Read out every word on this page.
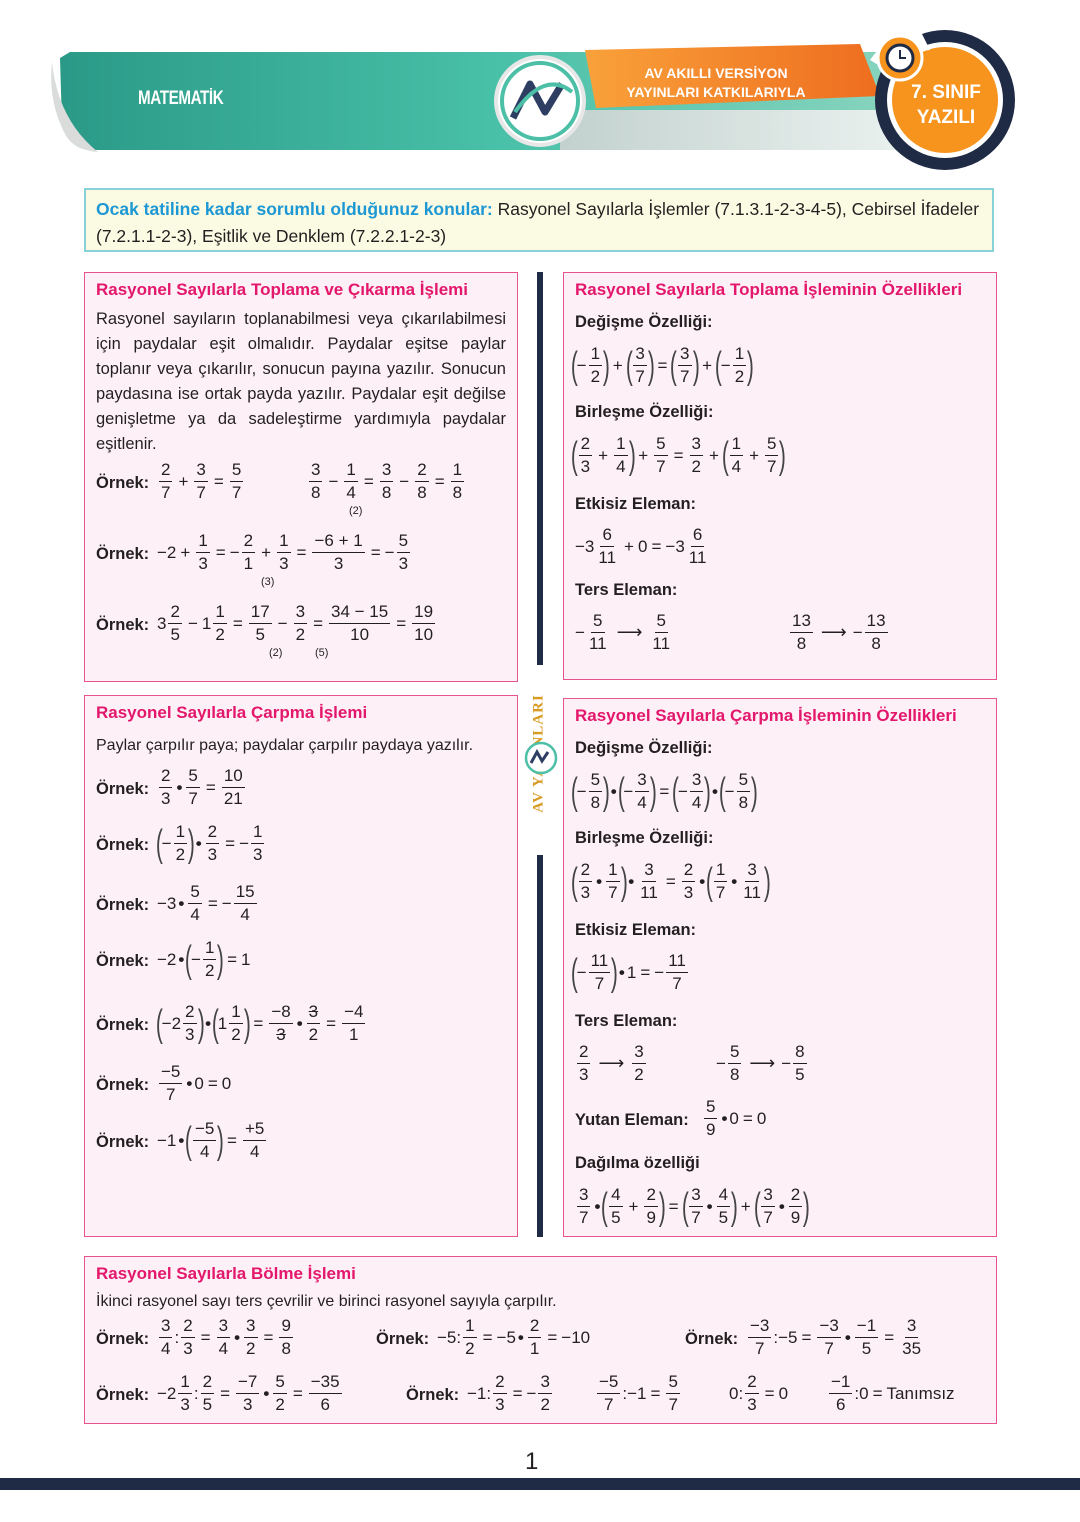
MATEMATİK
AV AKILLI VERSİYON
YAYINLARI KATKILARIYLA	7. SINIF
YAZILI
Ocak tatiline kadar sorumlu olduğunuz konular: Rasyonel Sayılarla İşlemler (7.1.3.1-2-3-4-5), Cebirsel İfadeler (7.2.1.1-2-3), Eşitlik ve Denklem (7.2.2.1-2-3)
Rasyonel Sayılarla Toplama ve Çıkarma İşlemi
Rasyonel sayıların toplanabilmesi veya çıkarılabilmesi için paydalar eşit olmalıdır. Paydalar eşitse paylar toplanır veya çıkarılır, sonucun payına yazılır. Sonucun paydasına ise ortak payda yazılır. Paydalar eşit değilse genişletme ya da sadeleştirme yardımıyla paydalar eşitlenir.
Örnek:
2
7
+ $\frac{3}{7} = \frac{5}{7}$	3
8
− $\frac{1}{4} = \frac{3}{8} - \frac{2}{8} = \frac{1}{8}$
(2)
Örnek: $-2 + \frac{1}{3}$ = − $\frac{2}{1} + \frac{1}{3} = \frac{-6 + 1}{3}$ = − $\frac{5}{3}$
(3)
Örnek: 3
2
5
− $1 \frac{1}{2} = \frac{17}{5} - \frac{3}{2} = \frac{34 - 15}{10} = \frac{19}{10}$
(2)	(5)
Rasyonel Sayılarla Toplama İşleminin Özellikleri
Değişme Özelliği:
(
− $\frac{1}{2}$ ) + ( 3
7 ) = ( 3
7 ) + (
− $\frac{1}{2}$ )
Birleşme Özelliği:
( 2
3
+ $\frac{1}{4}$ ) + $\frac{5}{7} = \frac{3}{2}$ + ( 1
4
+ $\frac{5}{7}$ )
Etkisiz Eleman:
−3
6
11
+ 0 = −3
6
11
Ters Eleman:
− $\frac{5}{11}$ ⟶
5
11
13
8
⟶ − $\frac{13}{8}$
Rasyonel Sayılarla Çarpma İşlemi
Paylar çarpılır paya; paydalar çarpılır paydaya yazılır.
Örnek:
2
3
• $\frac{5}{7} = \frac{10}{21}$
Örnek: (
− $\frac{1}{2}$ ) • $\frac{2}{3}$ = − $\frac{1}{3}$
Örnek: −3 • $\frac{5}{4}$ = − $\frac{15}{4}$
Örnek: −2 • (
− $\frac{1}{2}$ ) = 1
Örnek: (
−2
2
3 ) • (
1
1
2 ) = $\frac{-8}{3}$ • $\frac{3}{2} = \frac{-4}{1}$
Örnek:
−5
7
• 0 = 0
Örnek: −1 • ( −5
4 ) = $\frac{+5}{4}$
Rasyonel Sayılarla Çarpma İşleminin Özellikleri
Değişme Özelliği:
(
− $\frac{5}{8}$ ) • (
− $\frac{3}{4}$ ) = (
− $\frac{3}{4}$ ) • (
− $\frac{5}{8}$ )
Birleşme Özelliği:
( 2
3
•
1
7 ) • $\frac{3}{11} = \frac{2}{3}$ • ( 1
7
•
3
11 )
Etkisiz Eleman:
(
− $\frac{11}{7}$ ) • 1 = − $\frac{11}{7}$
Ters Eleman:
2
3
⟶
3
2
− $\frac{5}{8}$ ⟶ − $\frac{8}{5}$
Yutan Eleman:
5
9
• 0 = 0
Dağılma özelliği
3
7
• ( 4
5
+ $\frac{2}{9}$ ) = ( 3
7
•
4
5 ) + ( 3
7
•
2
9 )
Rasyonel Sayılarla Bölme İşlemi
İkinci rasyonel sayı ters çevrilir ve birinci rasyonel sayıyla çarpılır.
Örnek:
3
4
: $\frac{2}{3} = \frac{3}{4}$ • $\frac{3}{2} = \frac{9}{8}$	Örnek: −5 : $\frac{1}{2} = -5$ • $\frac{2}{1} = -10$	Örnek:
−3
7
: $-5 = \frac{-3}{7}$ • $\frac{-1}{5} = \frac{3}{35}$
Örnek: −2
1
3
: $\frac{2}{5} = \frac{-7}{3}$ • $\frac{5}{2} = \frac{-35}{6}$	Örnek: −1 : $\frac{2}{3}$ = − $\frac{3}{2}$	−5
7
: $-1 = \frac{5}{7}$	0 : $\frac{2}{3} = 0$
−1
6
: 0 = Tanımsız
1
